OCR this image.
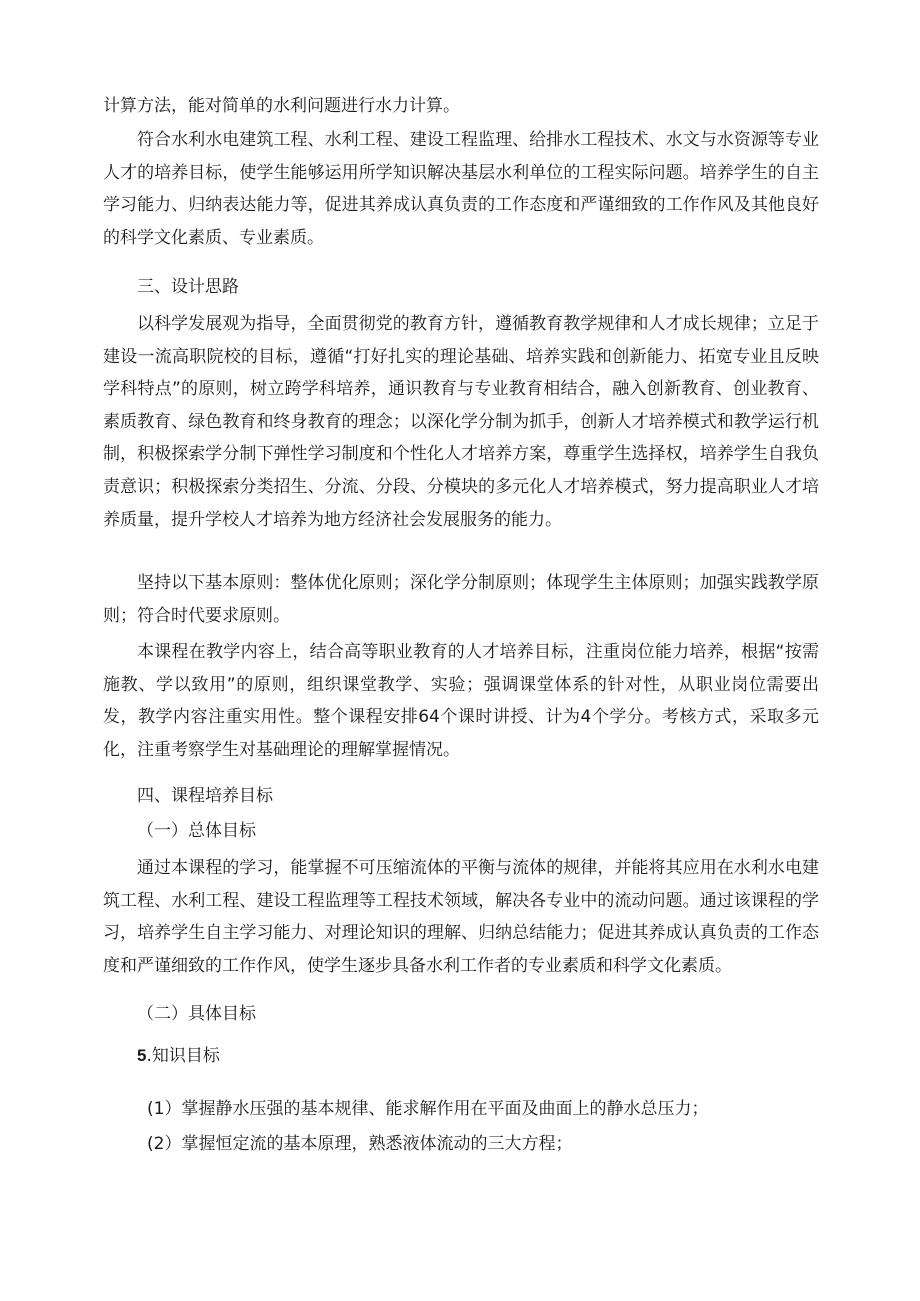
计算方法，能对简单的水利问题进行水力计算。

符合水利水电建筑工程、水利工程、建设工程监理、给排水工程技术、水文与水资源等专业人才的培养目标，使学生能够运用所学知识解决基层水利单位的工程实际问题。培养学生的自主学习能力、归纳表达能力等，促进其养成认真负责的工作态度和严谨细致的工作作风及其他良好的科学文化素质、专业素质。

三、设计思路

以科学发展观为指导，全面贯彻党的教育方针，遵循教育教学规律和人才成长规律；立足于建设一流高职院校的目标，遵循“打好扎实的理论基础、培养实践和创新能力、拓宽专业且反映学科特点”的原则，树立跨学科培养，通识教育与专业教育相结合，融入创新教育、创业教育、素质教育、绿色教育和终身教育的理念；以深化学分制为抓手，创新人才培养模式和教学运行机制，积极探索学分制下弹性学习制度和个性化人才培养方案，尊重学生选择权，培养学生自我负责意识；积极探索分类招生、分流、分段、分模块的多元化人才培养模式，努力提高职业人才培养质量，提升学校人才培养为地方经济社会发展服务的能力。

坚持以下基本原则：整体优化原则；深化学分制原则；体现学生主体原则；加强实践教学原则；符合时代要求原则。

本课程在教学内容上，结合高等职业教育的人才培养目标，注重岗位能力培养，根据“按需施教、学以致用”的原则，组织课堂教学、实验；强调课堂体系的针对性，从职业岗位需要出发，教学内容注重实用性。整个课程安排64个课时讲授、计为4个学分。考核方式，采取多元化，注重考察学生对基础理论的理解掌握情况。

四、课程培养目标

（一）总体目标

通过本课程的学习，能掌握不可压缩流体的平衡与流体的规律，并能将其应用在水利水电建筑工程、水利工程、建设工程监理等工程技术领域，解决各专业中的流动问题。通过该课程的学习，培养学生自主学习能力、对理论知识的理解、归纳总结能力；促进其养成认真负责的工作态度和严谨细致的工作作风，使学生逐步具备水利工作者的专业素质和科学文化素质。

（二）具体目标

5.知识目标

(1）掌握静水压强的基本规律、能求解作用在平面及曲面上的静水总压力；

(2）掌握恒定流的基本原理，熟悉液体流动的三大方程；
